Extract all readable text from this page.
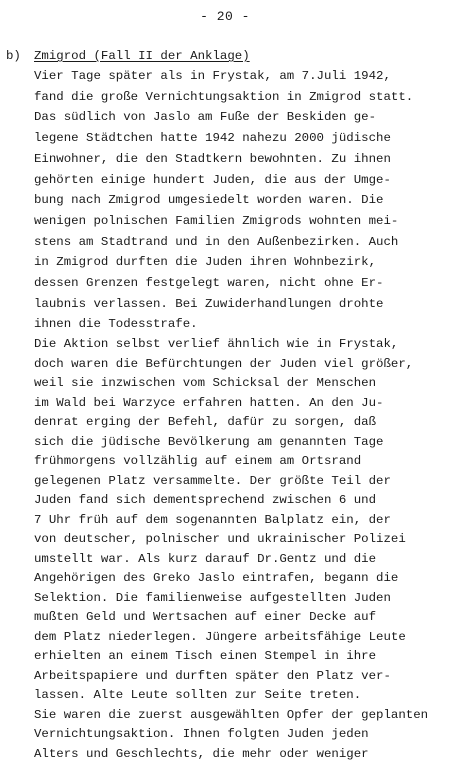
- 20 -
b) Zmigrod (Fall II der Anklage)
Vier Tage später als in Frystak, am 7.Juli 1942,
fand die große Vernichtungsaktion in Zmigrod statt.
Das südlich von Jaslo am Fuße der Beskiden ge-
legene Städtchen hatte 1942 nahezu 2000 jüdische
Einwohner, die den Stadtkern bewohnten. Zu ihnen
gehörten einige hundert Juden, die aus der Umge-
bung nach Zmigrod umgesiedelt worden waren. Die
wenigen polnischen Familien Zmigrods wohnten mei-
stens am Stadtrand und in den Außenbezirken. Auch
in Zmigrod durften die Juden ihren Wohnbezirk,
dessen Grenzen festgelegt waren, nicht ohne Er-
laubnis verlassen. Bei Zuwiderhandlungen drohte
ihnen die Todesstrafe.
Die Aktion selbst verlief ähnlich wie in Frystak,
doch waren die Befürchtungen der Juden viel größer,
weil sie inzwischen vom Schicksal der Menschen
im Wald bei Warzyce erfahren hatten. An den Ju-
denrat erging der Befehl, dafür zu sorgen, daß
sich die jüdische Bevölkerung am genannten Tage
frühmorgens vollzählig auf einem am Ortsrand
gelegenen Platz versammelte. Der größte Teil der
Juden fand sich dementsprechend zwischen 6 und
7 Uhr früh auf dem sogenannten Balplatz ein, der
von deutscher, polnischer und ukrainischer Polizei
umstellt war. Als kurz darauf Dr.Gentz und die
Angehörigen des Greko Jaslo eintrafen, begann die
Selektion. Die familienweise aufgestellten Juden
mußten Geld und Wertsachen auf einer Decke auf
dem Platz niederlegen. Jüngere arbeitsfähige Leute
erhielten an einem Tisch einen Stempel in ihre
Arbeitspapiere und durften später den Platz ver-
lassen. Alte Leute sollten zur Seite treten.
Sie waren die zuerst ausgewählten Opfer der geplanten
Vernichtungsaktion. Ihnen folgten Juden jeden
Alters und Geschlechts, die mehr oder weniger
